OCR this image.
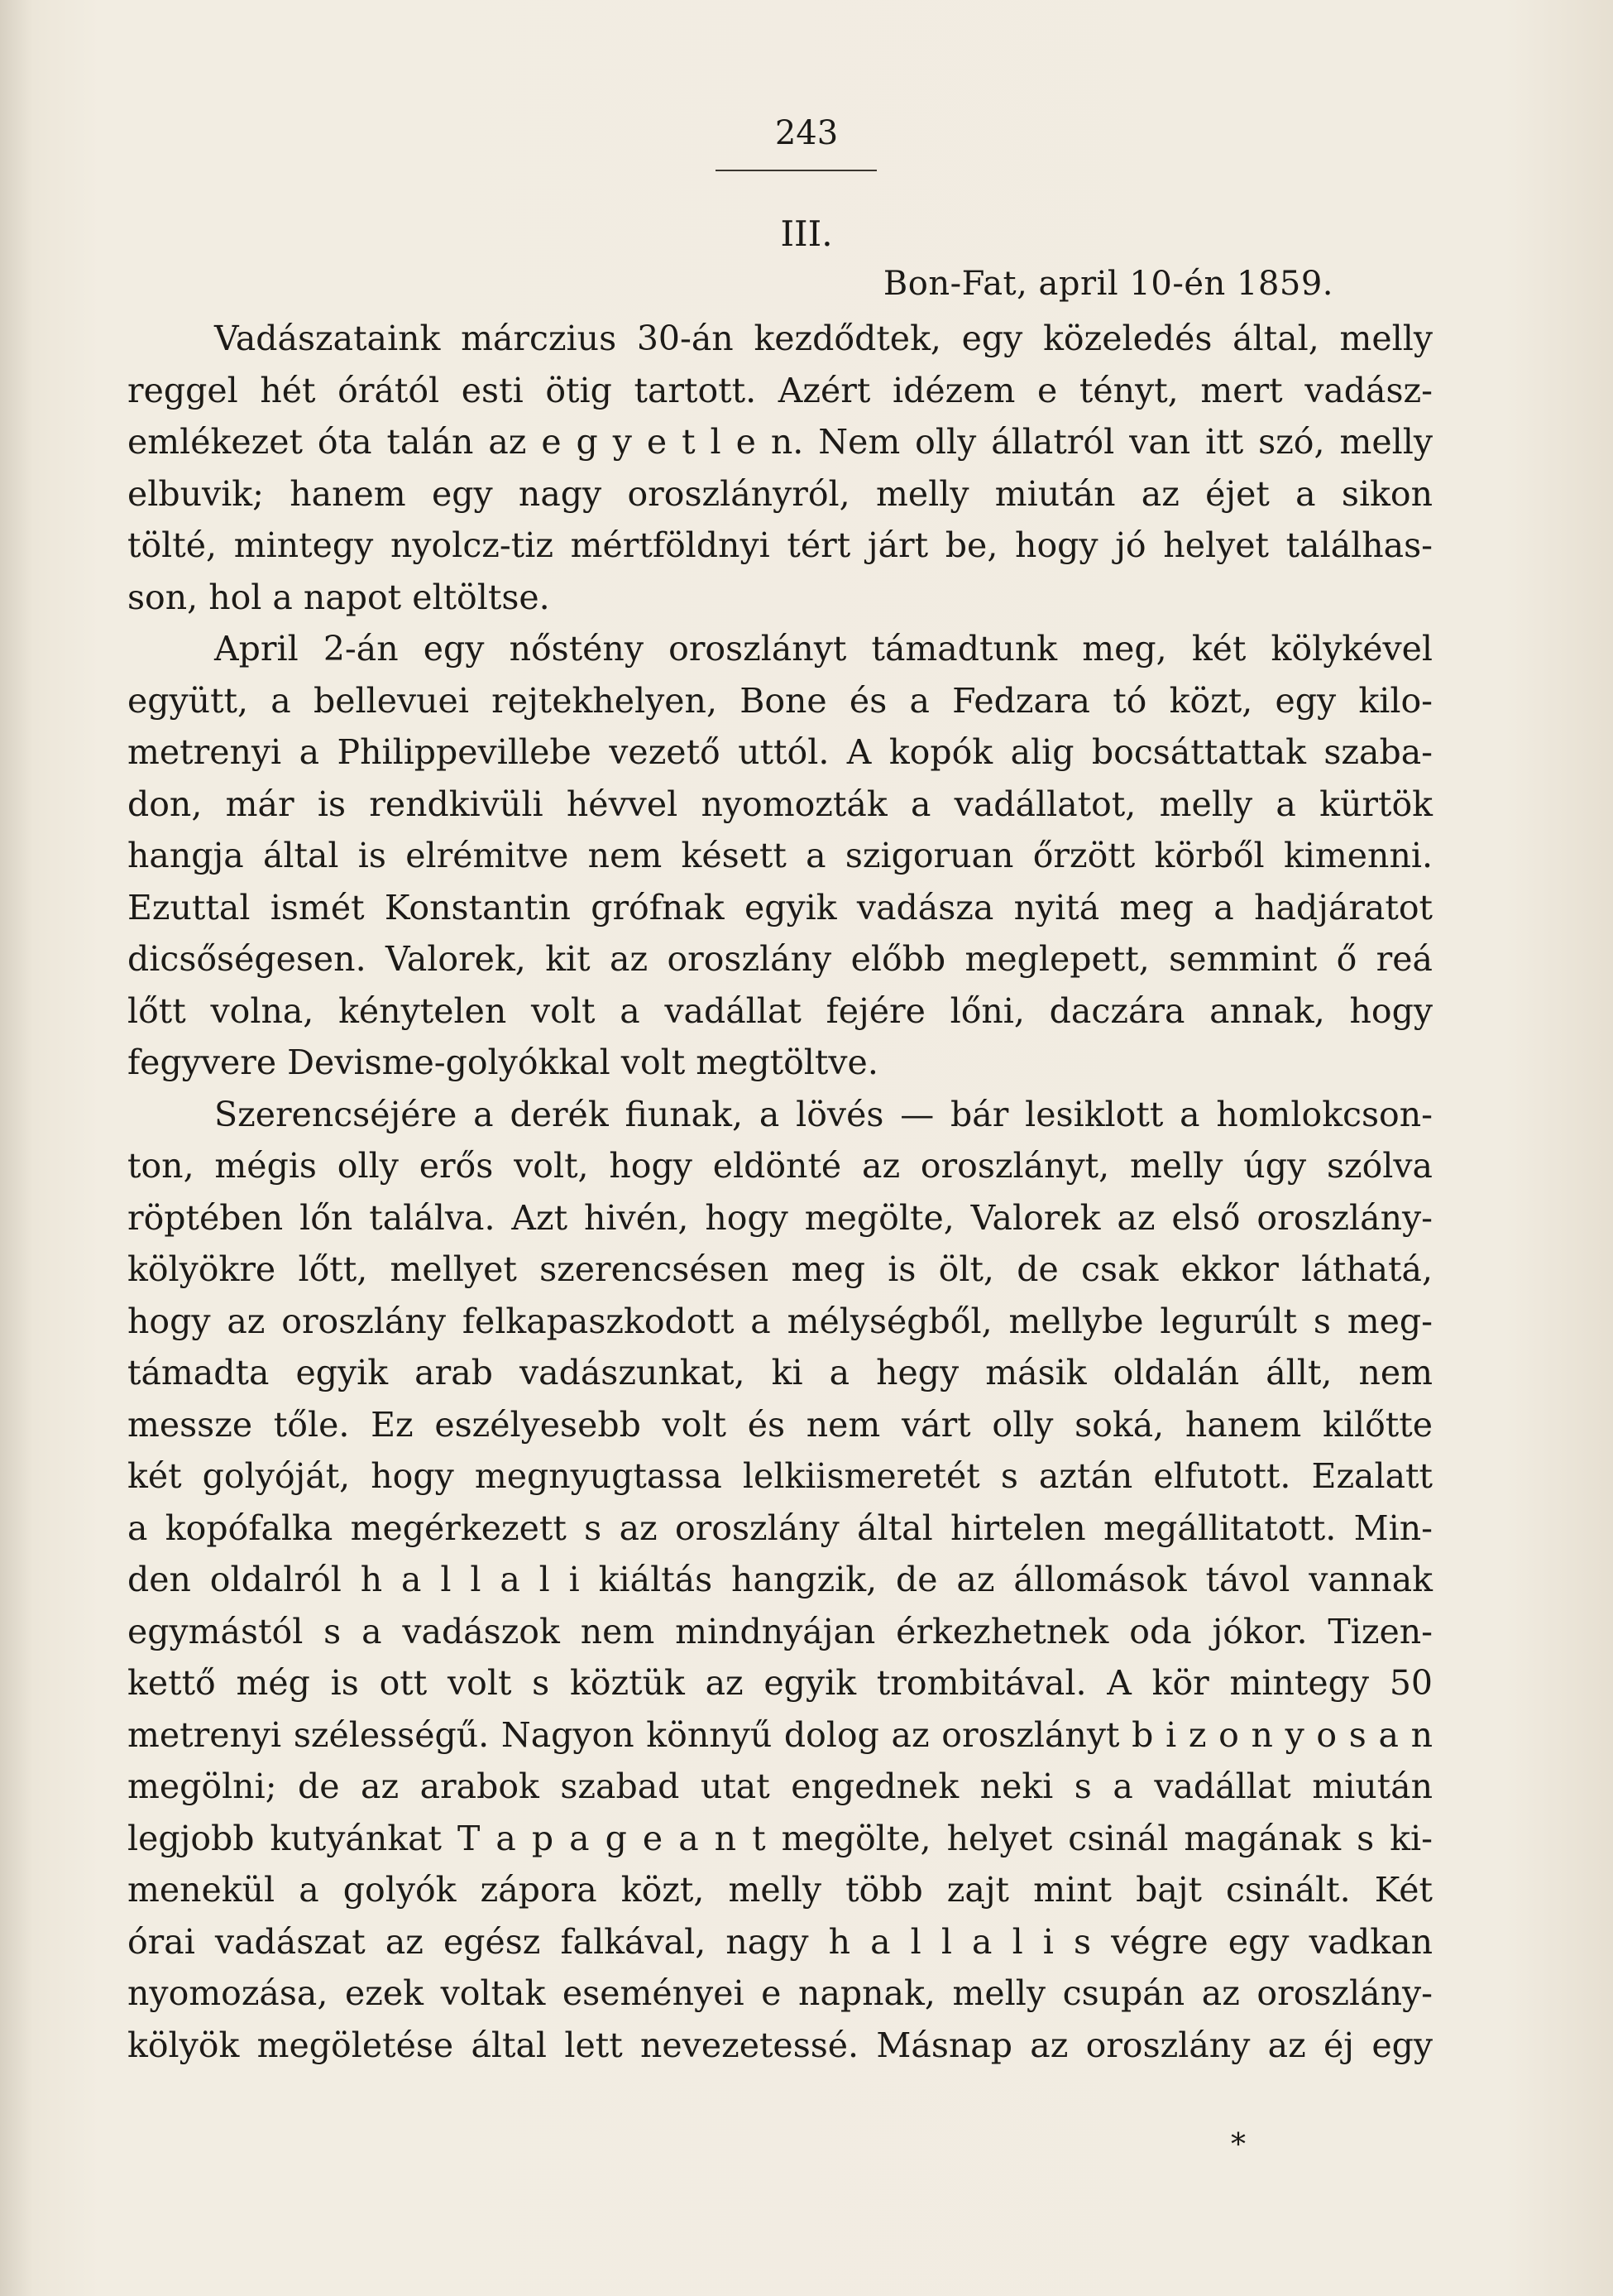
243
III.
Bon-Fat, april 10-én 1859.

Vadászataink márczius 30-án kezdődtek, egy közeledés által, melly

reggel hét órától esti ötig tartott. Azért idézem e tényt, mert vadász-

emlékezet óta talán az e g y e t l e n. Nem olly állatról van itt szó, melly

elbuvik; hanem egy nagy oroszlányról, melly miután az éjet a sikon

tölté, mintegy nyolcz-tiz mértföldnyi tért járt be, hogy jó helyet találhas-

son, hol a napot eltöltse.

April 2-án egy nőstény oroszlányt támadtunk meg, két kölykével

együtt, a bellevuei rejtekhelyen, Bone és a Fedzara tó közt, egy kilo-

metrenyi a Philippevillebe vezető uttól. A kopók alig bocsáttattak szaba-

don, már is rendkivüli hévvel nyomozták a vadállatot, melly a kürtök

hangja által is elrémitve nem késett a szigoruan őrzött körből kimenni.

Ezuttal ismét Konstantin grófnak egyik vadásza nyitá meg a hadjáratot

dicsőségesen. Valorek, kit az oroszlány előbb meglepett, semmint ő reá

lőtt volna, kénytelen volt a vadállat fejére lőni, daczára annak, hogy

fegyvere Devisme-golyókkal volt megtöltve.

Szerencséjére a derék fiunak, a lövés — bár lesiklott a homlokcson-

ton, mégis olly erős volt, hogy eldönté az oroszlányt, melly úgy szólva

röptében lőn találva. Azt hivén, hogy megölte, Valorek az első oroszlány-

kölyökre lőtt, mellyet szerencsésen meg is ölt, de csak ekkor láthatá,

hogy az oroszlány felkapaszkodott a mélységből, mellybe legurúlt s meg-

támadta egyik arab vadászunkat, ki a hegy másik oldalán állt, nem

messze tőle. Ez eszélyesebb volt és nem várt olly soká, hanem kilőtte

két golyóját, hogy megnyugtassa lelkiismeretét s aztán elfutott. Ezalatt

a kopófalka megérkezett s az oroszlány által hirtelen megállitatott. Min-

den oldalról h a l l a l i kiáltás hangzik, de az állomások távol vannak

egymástól s a vadászok nem mindnyájan érkezhetnek oda jókor. Tizen-

kettő még is ott volt s köztük az egyik trombitával. A kör mintegy 50

metrenyi szélességű. Nagyon könnyű dolog az oroszlányt b i z o n y o s a n

megölni; de az arabok szabad utat engednek neki s a vadállat miután

legjobb kutyánkat T a p a g e a n t megölte, helyet csinál magának s ki-

menekül a golyók zápora közt, melly több zajt mint bajt csinált. Két

órai vadászat az egész falkával, nagy h a l l a l i s végre egy vadkan

nyomozása, ezek voltak eseményei e napnak, melly csupán az oroszlány-

kölyök megöletése által lett nevezetessé. Másnap az oroszlány az éj egy

*
